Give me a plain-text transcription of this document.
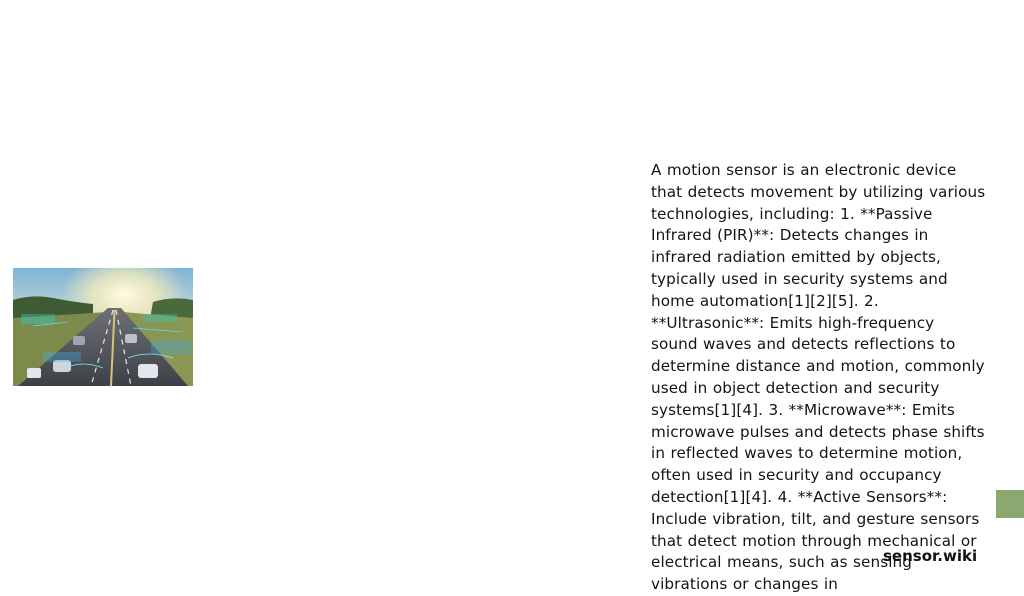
A motion sensor is an electronic device that detects movement by utilizing various technologies, including: 1. **Passive Infrared (PIR)**: Detects changes in infrared radiation emitted by objects, typically used in security systems and home automation[1][2][5]. 2. **Ultrasonic**: Emits high-frequency sound waves and detects reflections to determine distance and motion, commonly used in object detection and security systems[1][4]. 3. **Microwave**: Emits microwave pulses and detects phase shifts in reflected waves to determine motion, often used in security and occupancy detection[1][4]. 4. **Active Sensors**: Include vibration, tilt, and gesture sensors that detect motion through mechanical or electrical means, such as sensing vibrations or changes in

sensor.wiki
